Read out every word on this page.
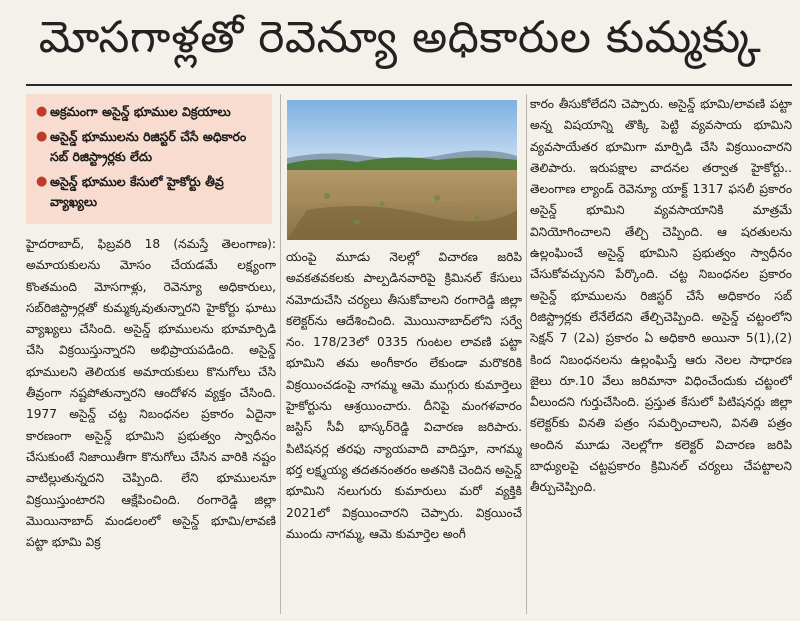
మోసగాళ్లతో రెవెన్యూ అధికారుల కుమ్మక్కు
● అక్రమంగా అసైన్డ్ భూముల విక్రయాలు
● అసైన్డ్ భూములను రిజిస్టర్ చేసే అధికారం సబ్ రిజిస్ట్రార్లకు లేదు
● అసైన్డ్ భూముల కేసులో హైకోర్టు తీవ్ర వ్యాఖ్యలు

హైదరాబాద్, ఫిబ్రవరి 18 (నమస్తే తెలంగాణ): అమాయకులను మోసం చేయడమే లక్ష్యంగా కొంతమంది మోసగాళ్లు, రెవెన్యూ అధికారులు, సబ్‌రిజిస్ట్రార్లతో కుమ్మక్కవుతున్నారని హైకోర్టు ఘాటు వ్యాఖ్యలు చేసింది. అసైన్డ్ భూములను భూమార్పిడి చేసి విక్రయిస్తున్నారని అభిప్రాయపడింది. అసైన్డ్ భూములని తెలియక అమాయకులు కొనుగోలు చేసి తీవ్రంగా నష్టపోతున్నారని ఆందోళన వ్యక్తం చేసింది. 1977 అసైన్డ్ చట్ట నిబంధనల ప్రకారం ఏదైనా కారణంగా అసైన్డ్ భూమిని ప్రభుత్వం స్వాధీనం చేసుకుంటే నిజాయితీగా కొనుగోలు చేసిన వారికి నష్టం వాటిల్లుతున్నదని చెప్పింది. లేని భూములనూ విక్రయిస్తుంటారని ఆక్షేపించింది. రంగారెడ్డి జిల్లా మొయినాబాద్ మండలంలో అసైన్డ్ భూమి/లావణి పట్టా భూమి విక్ర

యంపై మూడు నెలల్లో విచారణ జరిపి అవకతవకలకు పాల్పడినవారిపై క్రిమినల్ కేసులు నమోదుచేసి చర్యలు తీసుకోవాలని రంగారెడ్డి జిల్లా కలెక్టర్‌ను ఆదేశించింది. మొయినాబాద్‌లోని సర్వే నం. 178/23లో 0335 గుంటల లావణి పట్టా భూమిని తమ అంగీకారం లేకుండా మరొకరికి విక్రయించడంపై నాగమ్మ ఆమె ముగ్గురు కుమార్తెలు హైకోర్టును ఆశ్రయించారు. దీనిపై మంగళవారం జస్టిస్ సీవీ భాస్కర్‌రెడ్డి విచారణ జరిపారు. పిటిషనర్ల తరఫు న్యాయవాది వాదిస్తూ, నాగమ్మ భర్త లక్ష్మయ్య తదతనంతరం అతనికి చెందిన అసైన్డ్ భూమిని నలుగురు కుమారులు మరో వ్యక్తికి 2021లో విక్రయించారని చెప్పారు. విక్రయించే ముందు నాగమ్మ, ఆమె కుమార్తెల అంగీ

కారం తీసుకోలేదని చెప్పారు. అసైన్డ్ భూమి/లావణి పట్టా అన్న విషయాన్ని తొక్కి పెట్టి వ్యవసాయ భూమిని వ్యవసాయేతర భూమిగా మార్పిడి చేసి విక్రయించారని తెలిపారు. ఇరుపక్షాల వాదనల తర్వాత హైకోర్టు.. తెలంగాణ ల్యాండ్ రెవెన్యూ యాక్ట్ 1317 ఫసలీ ప్రకారం అసైన్డ్ భూమిని వ్యవసాయానికి మాత్రమే వినియోగించాలని తేల్చి చెప్పింది. ఆ షరతులను ఉల్లంఘించే అసైన్డ్ భూమిని ప్రభుత్వం స్వాధీనం చేసుకోవచ్చునని పేర్కొంది. చట్ట నిబంధనల ప్రకారం అసైన్డ్ భూములను రిజిస్టర్ చేసే అధికారం సబ్ రిజిస్ట్రార్లకు లేనేలేదని తేల్చిచెప్పింది. అసైన్డ్ చట్టంలోని సెక్షన్ 7 (2ఎ) ప్రకారం ఏ అధికారి అయినా 5(1),(2) కింద నిబంధనలను ఉల్లంఘిస్తే ఆరు నెలల సాధారణ జైలు రూ.10 వేలు జరిమానా విధించేందుకు చట్టంలో వీలుందని గుర్తుచేసింది. ప్రస్తుత కేసులో పిటిషనర్లు జిల్లా కలెక్టర్‌కు వినతి పత్రం సమర్పించాలని, వినతి పత్రం అందిన మూడు నెలల్లోగా కలెక్టర్ విచారణ జరిపి బాధ్యులపై చట్టప్రకారం క్రిమినల్ చర్యలు చేపట్టాలని తీర్పుచెప్పింది.
